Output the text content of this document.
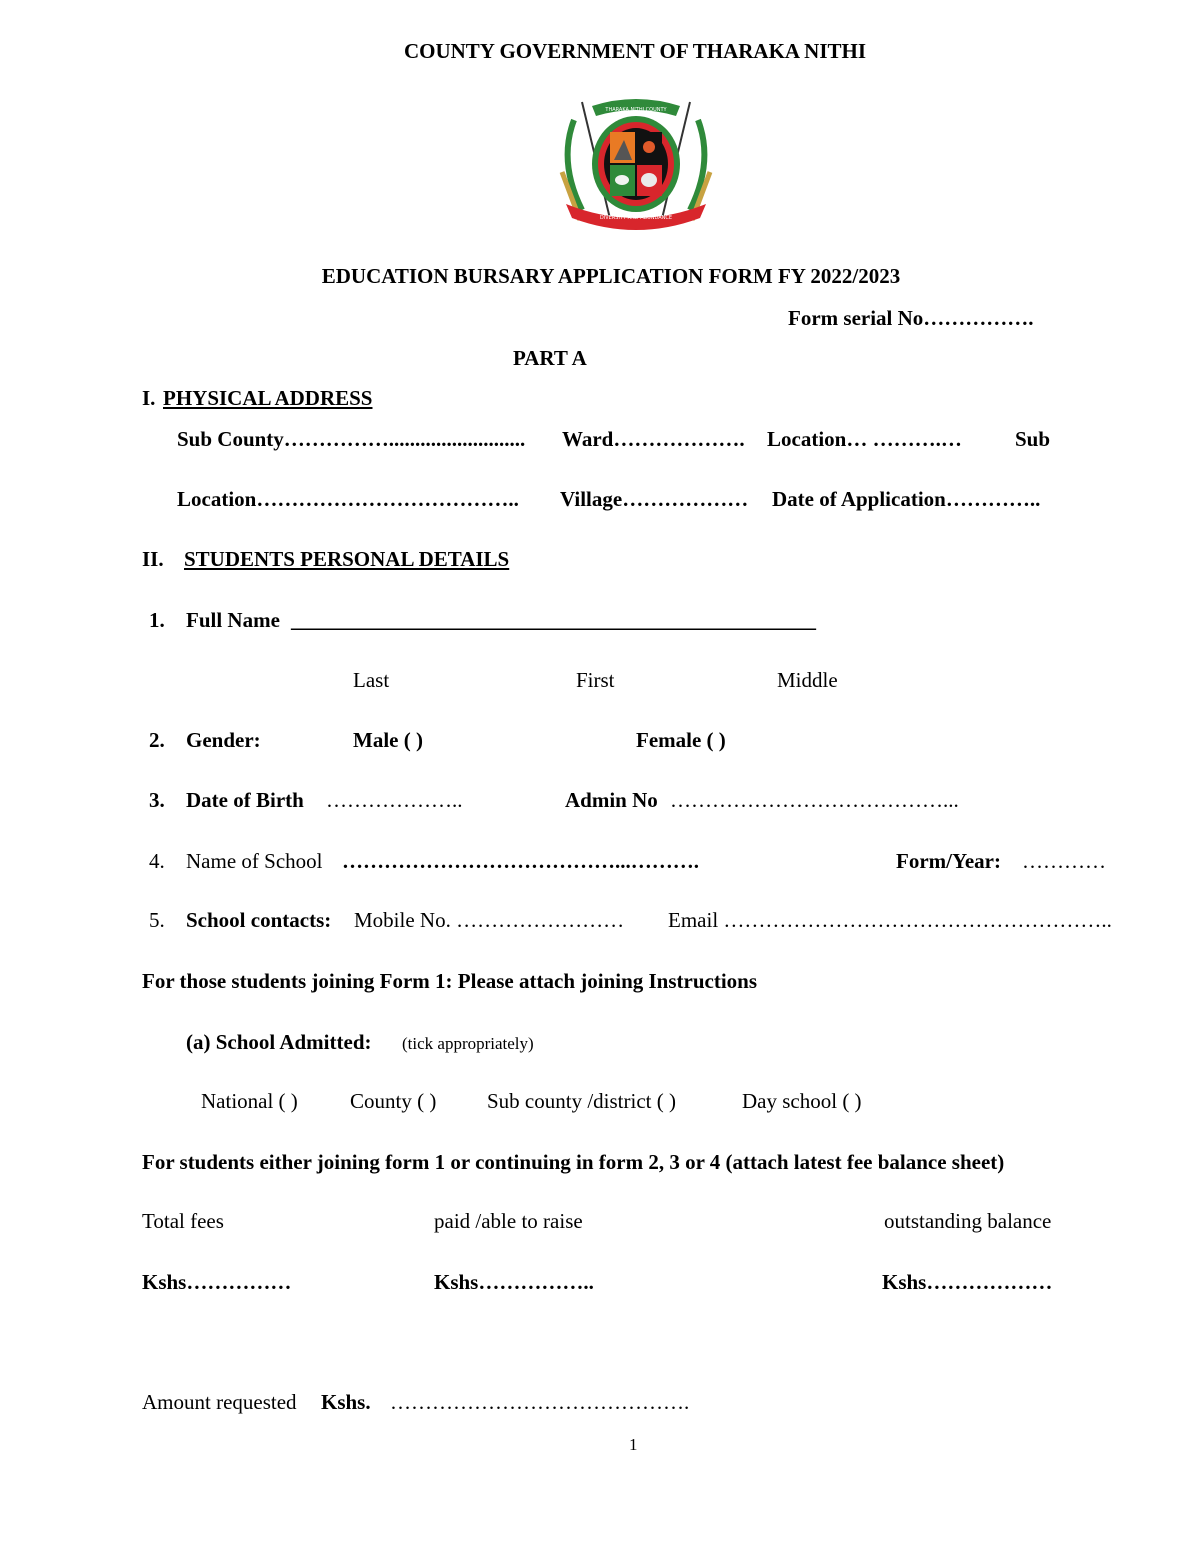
COUNTY GOVERNMENT OF THARAKA NITHI
THARAKA NITHI COUNTY
DIVERSITY AND ABUNDANCE
EDUCATION BURSARY APPLICATION FORM FY 2022/2023
Form serial No…………….
PART A
I. PHYSICAL ADDRESS
Sub County…………….......................... Ward………………. Location… ……….…	Sub
Location……………………………….. Village……………… Date of Application…………..
II. STUDENTS PERSONAL DETAILS
1. Full Name __________________________________________________
Last	First	Middle
2. Gender:	Male ( )	Female ( )
3. Date of Birth ………………..	Admin No …………………………………...
4. Name of School …………………………………...……….	Form/Year: …………
5. School contacts: Mobile No. …………………… Email ………………………………………………..
For those students joining Form 1: Please attach joining Instructions
(a) School Admitted: (tick appropriately)
National ( ) County ( ) Sub county /district ( )	Day school ( )
For students either joining form 1 or continuing in form 2, 3 or 4 (attach latest fee balance sheet)
Total fees	paid /able to raise	outstanding balance
Kshs……………	Kshs……………..	Kshs………………
Amount requested Kshs. …………………………………….
1
